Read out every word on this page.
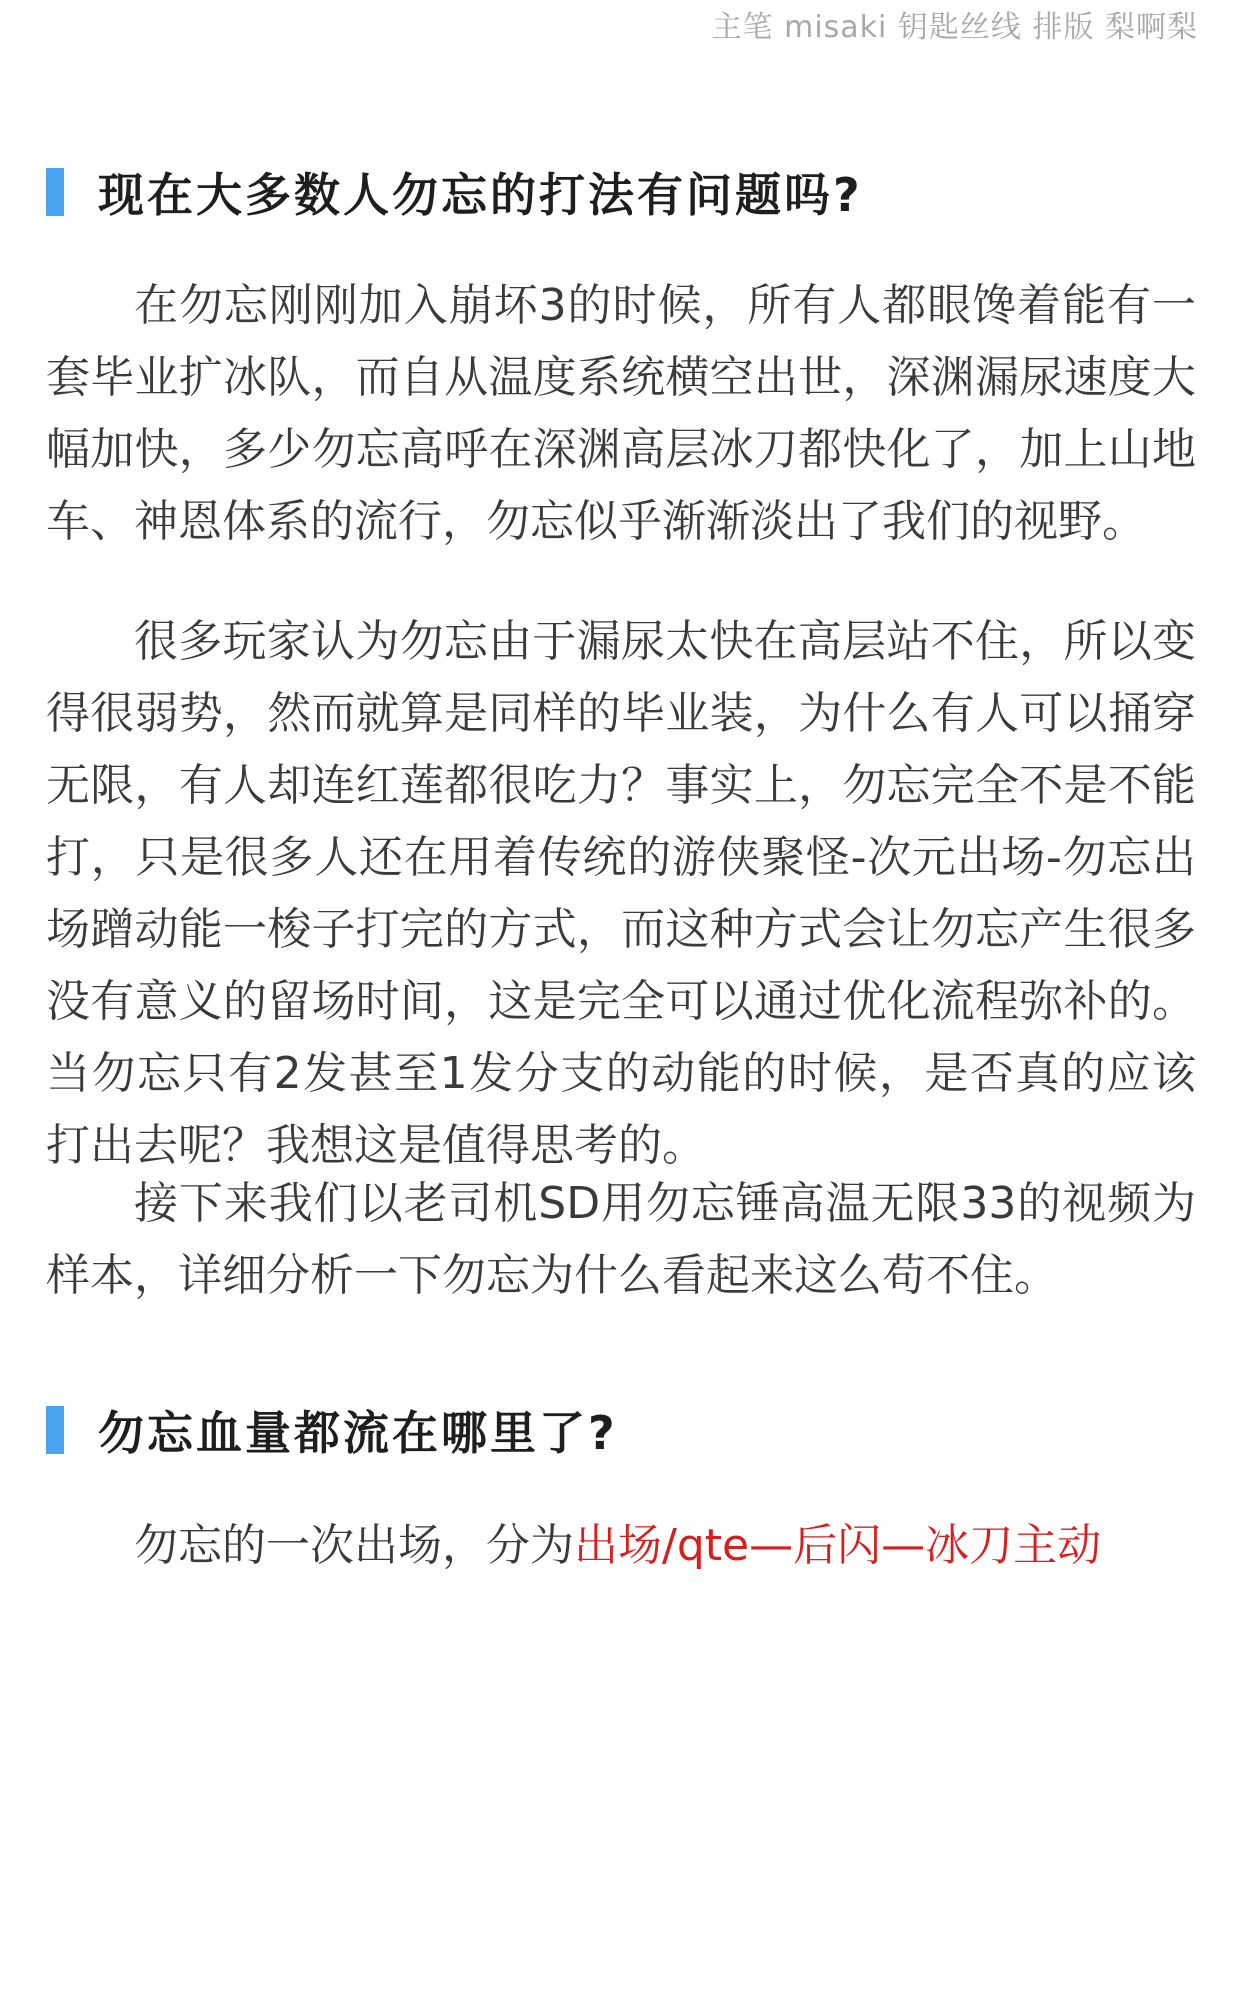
主笔 misaki 钥匙丝线 排版 梨啊梨
现在大多数人勿忘的打法有问题吗?

在勿忘刚刚加入崩坏3的时候，所有人都眼馋着能有一套毕业扩冰队，而自从温度系统横空出世，深渊漏尿速度大幅加快，多少勿忘高呼在深渊高层冰刀都快化了，加上山地车、神恩体系的流行，勿忘似乎渐渐淡出了我们的视野。

很多玩家认为勿忘由于漏尿太快在高层站不住，所以变得很弱势，然而就算是同样的毕业装，为什么有人可以捅穿无限，有人却连红莲都很吃力？事实上，勿忘完全不是不能打，只是很多人还在用着传统的游侠聚怪-次元出场-勿忘出场蹭动能一梭子打完的方式，而这种方式会让勿忘产生很多没有意义的留场时间，这是完全可以通过优化流程弥补的。当勿忘只有2发甚至1发分支的动能的时候，是否真的应该打出去呢？我想这是值得思考的。

接下来我们以老司机SD用勿忘锤高温无限33的视频为样本，详细分析一下勿忘为什么看起来这么苟不住。

勿忘血量都流在哪里了?

勿忘的一次出场，分为出场/qte—后闪—冰刀主动
